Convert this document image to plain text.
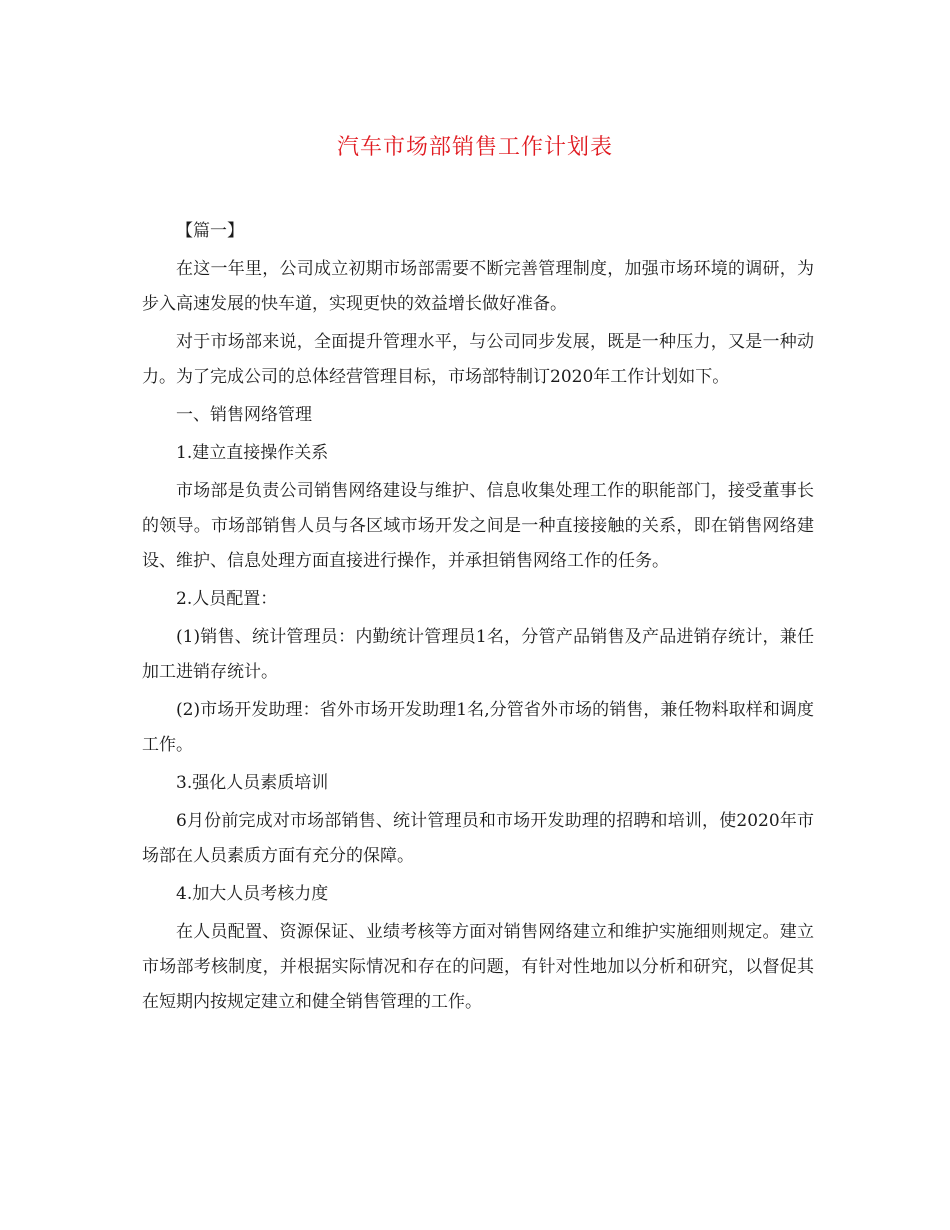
汽车市场部销售工作计划表

【篇一】

在这一年里，公司成立初期市场部需要不断完善管理制度，加强市场环境的调研，为步入高速发展的快车道，实现更快的效益增长做好准备。

对于市场部来说，全面提升管理水平，与公司同步发展，既是一种压力，又是一种动力。为了完成公司的总体经营管理目标，市场部特制订2020年工作计划如下。

一、销售网络管理

1.建立直接操作关系

市场部是负责公司销售网络建设与维护、信息收集处理工作的职能部门，接受董事长的领导。市场部销售人员与各区域市场开发之间是一种直接接触的关系，即在销售网络建设、维护、信息处理方面直接进行操作，并承担销售网络工作的任务。

2.人员配置：

(1)销售、统计管理员：内勤统计管理员1名，分管产品销售及产品进销存统计，兼任加工进销存统计。

(2)市场开发助理：省外市场开发助理1名,分管省外市场的销售，兼任物料取样和调度工作。

3.强化人员素质培训

6月份前完成对市场部销售、统计管理员和市场开发助理的招聘和培训，使2020年市场部在人员素质方面有充分的保障。

4.加大人员考核力度

在人员配置、资源保证、业绩考核等方面对销售网络建立和维护实施细则规定。建立市场部考核制度，并根据实际情况和存在的问题，有针对性地加以分析和研究，以督促其在短期内按规定建立和健全销售管理的工作。
